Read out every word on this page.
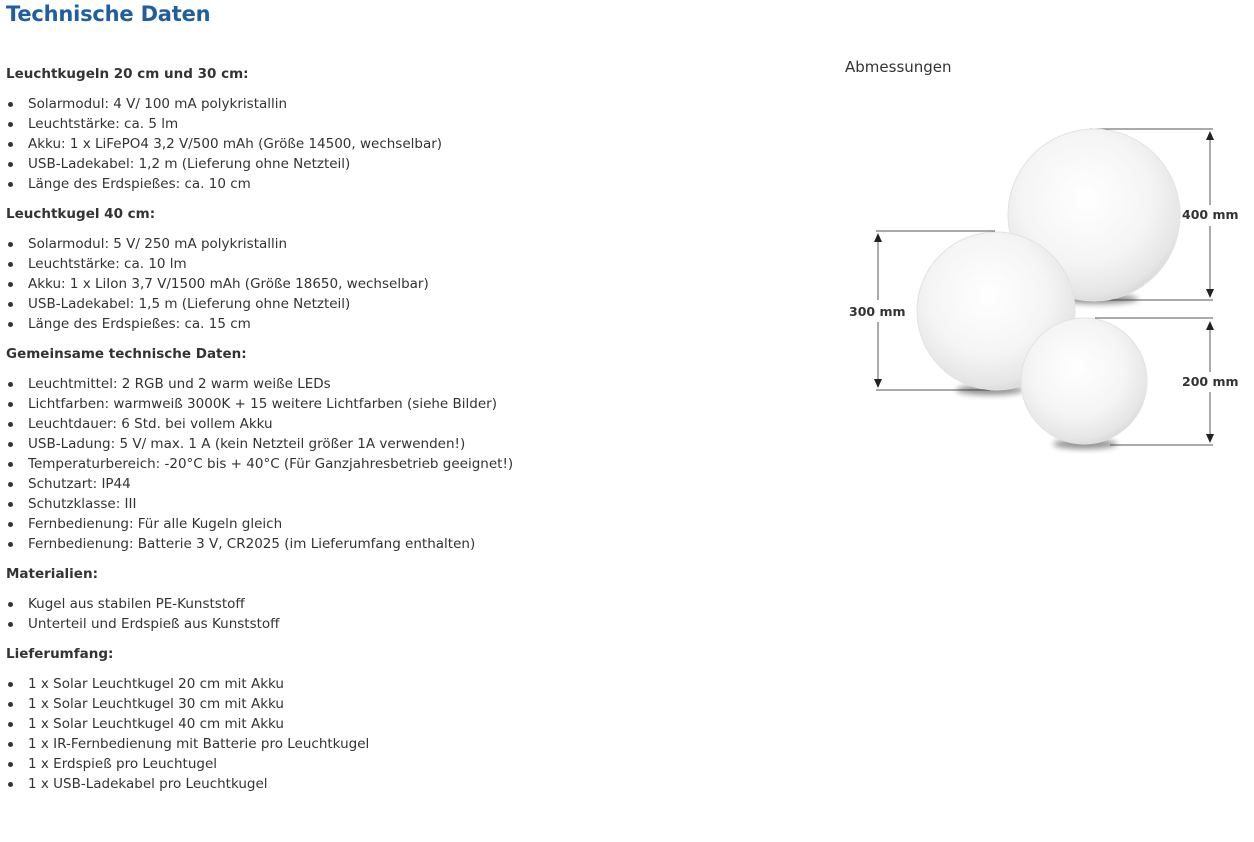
Technische Daten
Leuchtkugeln 20 cm und 30 cm:
Solarmodul: 4 V/ 100 mA polykristallin
Leuchtstärke: ca. 5 lm
Akku: 1 x LiFePO4 3,2 V/500 mAh (Größe 14500, wechselbar)
USB-Ladekabel: 1,2 m (Lieferung ohne Netzteil)
Länge des Erdspießes: ca. 10 cm
Leuchtkugel 40 cm:
Solarmodul: 5 V/ 250 mA polykristallin
Leuchtstärke: ca. 10 lm
Akku: 1 x LiIon 3,7 V/1500 mAh (Größe 18650, wechselbar)
USB-Ladekabel: 1,5 m (Lieferung ohne Netzteil)
Länge des Erdspießes: ca. 15 cm
Gemeinsame technische Daten:
Leuchtmittel: 2 RGB und 2 warm weiße LEDs
Lichtfarben: warmweiß 3000K + 15 weitere Lichtfarben (siehe Bilder)
Leuchtdauer: 6 Std. bei vollem Akku
USB-Ladung: 5 V/ max. 1 A (kein Netzteil größer 1A verwenden!)
Temperaturbereich: -20°C bis + 40°C (Für Ganzjahresbetrieb geeignet!)
Schutzart: IP44
Schutzklasse: III
Fernbedienung: Für alle Kugeln gleich
Fernbedienung: Batterie 3 V, CR2025 (im Lieferumfang enthalten)
Materialien:
Kugel aus stabilen PE-Kunststoff
Unterteil und Erdspieß aus Kunststoff
Lieferumfang:
1 x Solar Leuchtkugel 20 cm mit Akku
1 x Solar Leuchtkugel 30 cm mit Akku
1 x Solar Leuchtkugel 40 cm mit Akku
1 x IR-Fernbedienung mit Batterie pro Leuchtkugel
1 x Erdspieß pro Leuchtugel
1 x USB-Ladekabel pro Leuchtkugel
Abmessungen
400 mm
300 mm
200 mm
